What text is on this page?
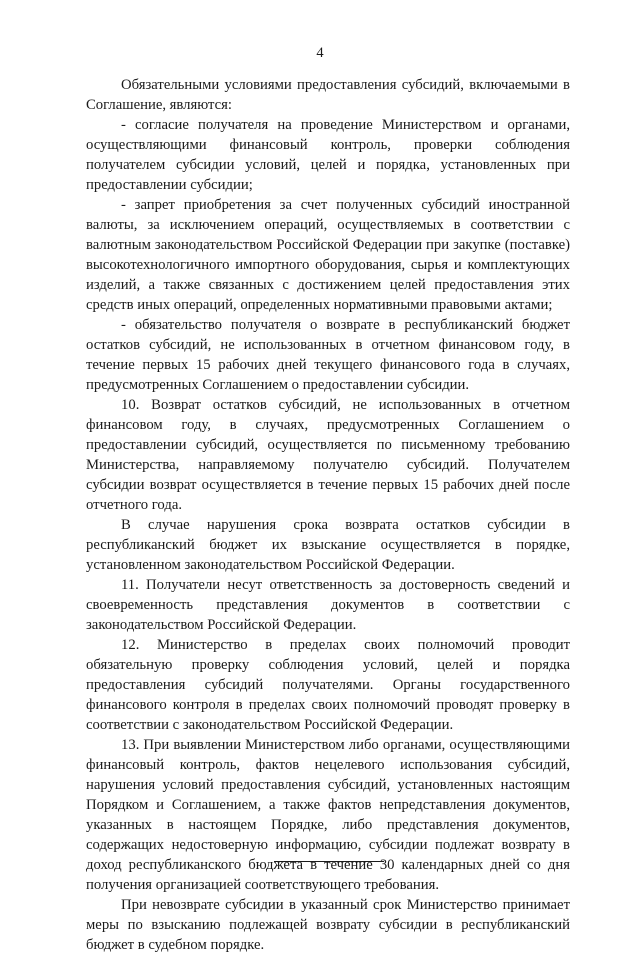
4

Обязательными условиями предоставления субсидий, включаемыми в Соглашение, являются:

- согласие получателя на проведение Министерством и органами, осуществляющими финансовый контроль, проверки соблюдения получателем субсидии условий, целей и порядка, установленных при предоставлении субсидии;

- запрет приобретения за счет полученных субсидий иностранной валюты, за исключением операций, осуществляемых в соответствии с валютным законодательством Российской Федерации при закупке (поставке) высокотехнологичного импортного оборудования, сырья и комплектующих изделий, а также связанных с достижением целей предоставления этих средств иных операций, определенных нормативными правовыми актами;

- обязательство получателя о возврате в республиканский бюджет остатков субсидий, не использованных в отчетном финансовом году, в течение первых 15 рабочих дней текущего финансового года в случаях, предусмотренных Соглашением о предоставлении субсидии.

10. Возврат остатков субсидий, не использованных в отчетном финансовом году, в случаях, предусмотренных Соглашением о предоставлении субсидий, осуществляется по письменному требованию Министерства, направляемому получателю субсидий. Получателем субсидии возврат осуществляется в течение первых 15 рабочих дней после отчетного года.

В случае нарушения срока возврата остатков субсидии в республиканский бюджет их взыскание осуществляется в порядке, установленном законодательством Российской Федерации.

11. Получатели несут ответственность за достоверность сведений и своевременность представления документов в соответствии с законодательством Российской Федерации.

12. Министерство в пределах своих полномочий проводит обязательную проверку соблюдения условий, целей и порядка предоставления субсидий получателями. Органы государственного финансового контроля в пределах своих полномочий проводят проверку в соответствии с законодательством Российской Федерации.

13. При выявлении Министерством либо органами, осуществляющими финансовый контроль, фактов нецелевого использования субсидий, нарушения условий предоставления субсидий, установленных настоящим Порядком и Соглашением, а также фактов непредставления документов, указанных в настоящем Порядке, либо представления документов, содержащих недостоверную информацию, субсидии подлежат возврату в доход республиканского бюджета в течение 30 календарных дней со дня получения организацией соответствующего требования.

При невозврате субсидии в указанный срок Министерство принимает меры по взысканию подлежащей возврату субсидии в республиканский бюджет в судебном порядке.
